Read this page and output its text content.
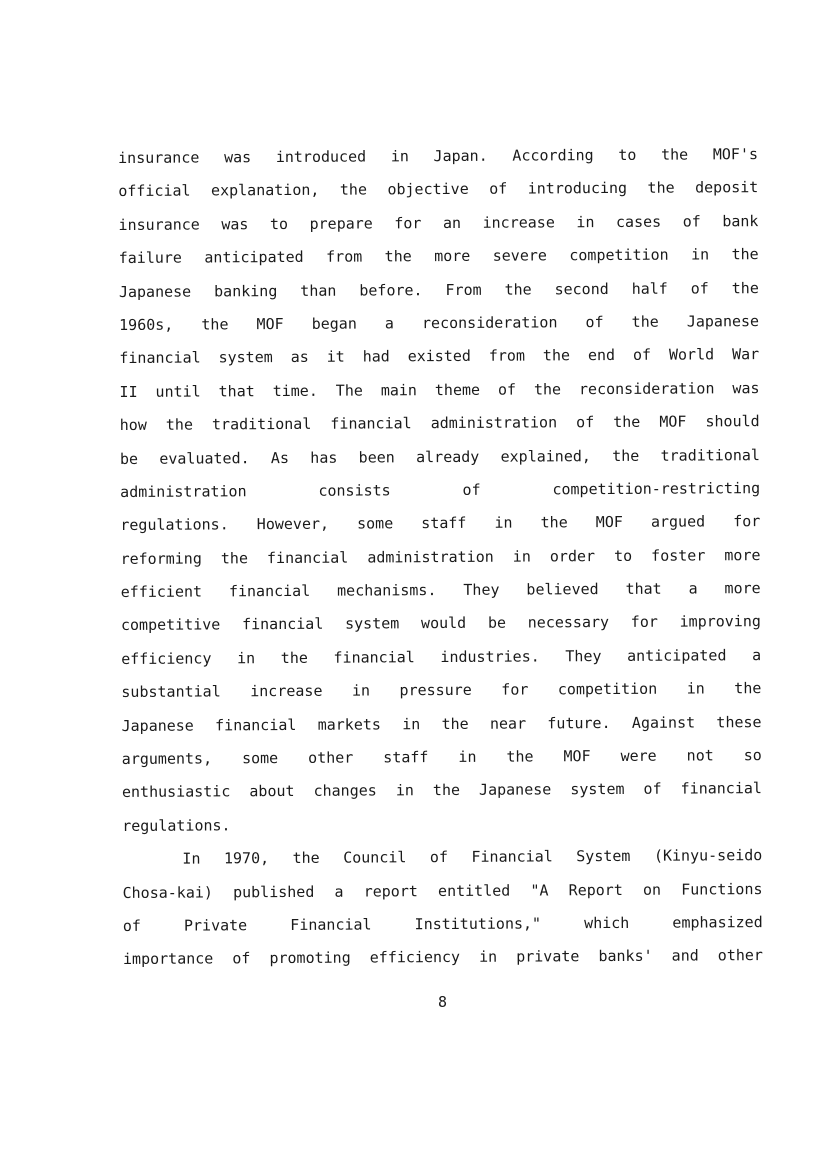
insurance was introduced in Japan. According to the MOF's
official explanation, the objective of introducing the deposit
insurance was to prepare for an increase in cases of bank
failure anticipated from the more severe competition in the
Japanese banking than before. From the second half of the
1960s, the MOF began a reconsideration of the Japanese
financial system as it had existed from the end of World War
II until that time. The main theme of the reconsideration was
how the traditional financial administration of the MOF should
be evaluated. As has been already explained, the traditional
administration	consists	of	competition-restricting
regulations. However, some staff in the MOF argued for
reforming the financial administration in order to foster more
efficient financial mechanisms. They believed that a more
competitive financial system would be necessary for improving
efficiency in the financial industries. They anticipated a
substantial increase in pressure for competition in the
Japanese financial markets in the near future. Against these
arguments, some other staff in the MOF were not so
enthusiastic about changes in the Japanese system of financial
regulations.
In 1970, the Council of Financial System (Kinyu-seido
Chosa-kai) published a report entitled "A Report on Functions
of	Private	Financial	Institutions,"	which	emphasized
importance of promoting efficiency in private banks' and other
8
